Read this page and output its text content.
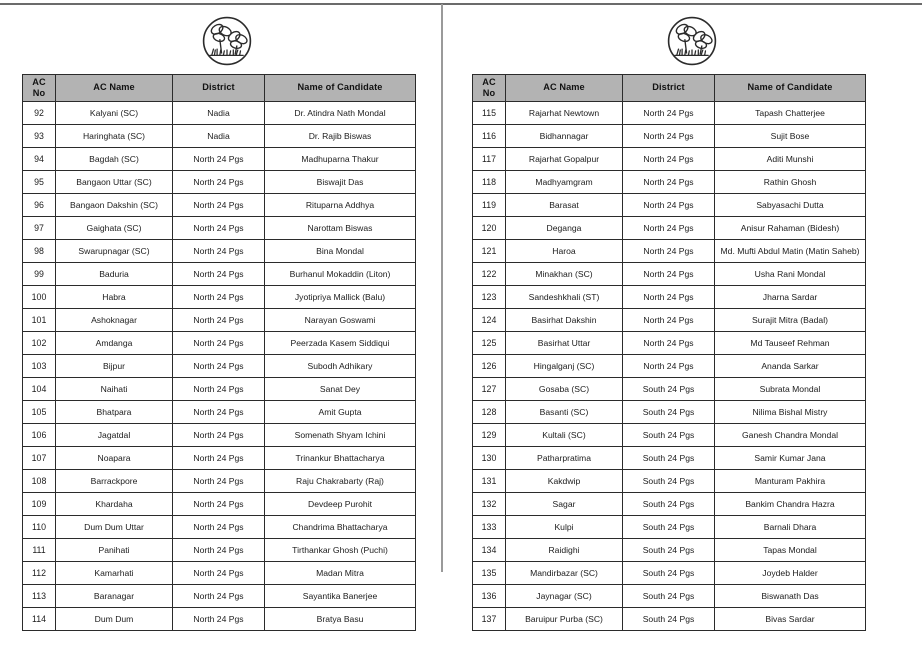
AC No	AC Name	District	Name of Candidate
92	Kalyani (SC)	Nadia	Dr. Atindra Nath Mondal
93	Haringhata (SC)	Nadia	Dr. Rajib Biswas
94	Bagdah (SC)	North 24 Pgs	Madhuparna Thakur
95	Bangaon Uttar (SC)	North 24 Pgs	Biswajit Das
96	Bangaon Dakshin (SC)	North 24 Pgs	Rituparna Addhya
97	Gaighata (SC)	North 24 Pgs	Narottam Biswas
98	Swarupnagar (SC)	North 24 Pgs	Bina Mondal
99	Baduria	North 24 Pgs	Burhanul Mokaddin (Liton)
100	Habra	North 24 Pgs	Jyotipriya Mallick (Balu)
101	Ashoknagar	North 24 Pgs	Narayan Goswami
102	Amdanga	North 24 Pgs	Peerzada Kasem Siddiqui
103	Bijpur	North 24 Pgs	Subodh Adhikary
104	Naihati	North 24 Pgs	Sanat Dey
105	Bhatpara	North 24 Pgs	Amit Gupta
106	Jagatdal	North 24 Pgs	Somenath Shyam Ichini
107	Noapara	North 24 Pgs	Trinankur Bhattacharya
108	Barrackpore	North 24 Pgs	Raju Chakrabarty (Raj)
109	Khardaha	North 24 Pgs	Devdeep Purohit
110	Dum Dum Uttar	North 24 Pgs	Chandrima Bhattacharya
111	Panihati	North 24 Pgs	Tirthankar Ghosh (Puchi)
112	Kamarhati	North 24 Pgs	Madan Mitra
113	Baranagar	North 24 Pgs	Sayantika Banerjee
114	Dum Dum	North 24 Pgs	Bratya Basu
AC No	AC Name	District	Name of Candidate
115	Rajarhat Newtown	North 24 Pgs	Tapash Chatterjee
116	Bidhannagar	North 24 Pgs	Sujit Bose
117	Rajarhat Gopalpur	North 24 Pgs	Aditi Munshi
118	Madhyamgram	North 24 Pgs	Rathin Ghosh
119	Barasat	North 24 Pgs	Sabyasachi Dutta
120	Deganga	North 24 Pgs	Anisur Rahaman (Bidesh)
121	Haroa	North 24 Pgs	Md. Mufti Abdul Matin (Matin Saheb)
122	Minakhan (SC)	North 24 Pgs	Usha Rani Mondal
123	Sandeshkhali (ST)	North 24 Pgs	Jharna Sardar
124	Basirhat Dakshin	North 24 Pgs	Surajit Mitra (Badal)
125	Basirhat Uttar	North 24 Pgs	Md Tauseef Rehman
126	Hingalganj (SC)	North 24 Pgs	Ananda Sarkar
127	Gosaba (SC)	South 24 Pgs	Subrata Mondal
128	Basanti (SC)	South 24 Pgs	Nilima Bishal Mistry
129	Kultali (SC)	South 24 Pgs	Ganesh Chandra Mondal
130	Patharpratima	South 24 Pgs	Samir Kumar Jana
131	Kakdwip	South 24 Pgs	Manturam Pakhira
132	Sagar	South 24 Pgs	Bankim Chandra Hazra
133	Kulpi	South 24 Pgs	Barnali Dhara
134	Raidighi	South 24 Pgs	Tapas Mondal
135	Mandirbazar (SC)	South 24 Pgs	Joydeb Halder
136	Jaynagar (SC)	South 24 Pgs	Biswanath Das
137	Baruipur Purba (SC)	South 24 Pgs	Bivas Sardar
